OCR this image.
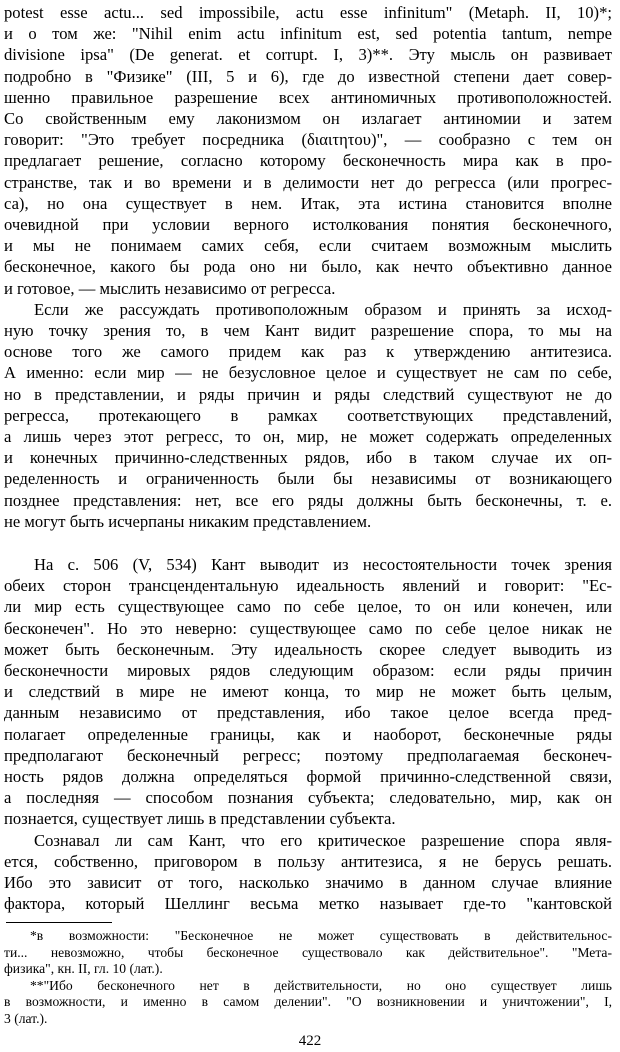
potest esse actu... sed impossibile, actu esse infinitum" (Metaph. II, 10)*;
и о том же: "Nihil enim actu infinitum est, sed potentia tantum, nempe
divisione ipsa" (De generat. et corrupt. I, 3)**. Эту мысль он развивает
подробно в "Физике" (III, 5 и 6), где до известной степени дает совер-
шенно правильное разрешение всех антиномичных противоположностей.
Со свойственным ему лаконизмом он излагает антиномии и затем
говорит: "Это требует посредника (διαιτητου)", — сообразно с тем он
предлагает решение, согласно которому бесконечность мира как в про-
странстве, так и во времени и в делимости нет до регресса (или прогрес-
са), но она существует в нем. Итак, эта истина становится вполне
очевидной при условии верного истолкования понятия бесконечного,
и мы не понимаем самих себя, если считаем возможным мыслить
бесконечное, какого бы рода оно ни было, как нечто объективно данное
и готовое, — мыслить независимо от регресса.
Если же рассуждать противоположным образом и принять за исход-
ную точку зрения то, в чем Кант видит разрешение спора, то мы на
основе того же самого придем как раз к утверждению антитезиса.
А именно: если мир — не безусловное целое и существует не сам по себе,
но в представлении, и ряды причин и ряды следствий существуют не до
регресса, протекающего в рамках соответствующих представлений,
а лишь через этот регресс, то он, мир, не может содержать определенных
и конечных причинно-следственных рядов, ибо в таком случае их оп-
ределенность и ограниченность были бы независимы от возникающего
позднее представления: нет, все его ряды должны быть бесконечны, т. е.
не могут быть исчерпаны никаким представлением.
На с. 506 (V, 534) Кант выводит из несостоятельности точек зрения
обеих сторон трансцендентальную идеальность явлений и говорит: "Ес-
ли мир есть существующее само по себе целое, то он или конечен, или
бесконечен". Но это неверно: существующее само по себе целое никак не
может быть бесконечным. Эту идеальность скорее следует выводить из
бесконечности мировых рядов следующим образом: если ряды причин
и следствий в мире не имеют конца, то мир не может быть целым,
данным независимо от представления, ибо такое целое всегда пред-
полагает определенные границы, как и наоборот, бесконечные ряды
предполагают бесконечный регресс; поэтому предполагаемая бесконеч-
ность рядов должна определяться формой причинно-следственной связи,
а последняя — способом познания субъекта; следовательно, мир, как он
познается, существует лишь в представлении субъекта.
Сознавал ли сам Кант, что его критическое разрешение спора явля-
ется, собственно, приговором в пользу антитезиса, я не берусь решать.
Ибо это зависит от того, насколько значимо в данном случае влияние
фактора, который Шеллинг весьма метко называет где-то "кантовской
*в возможности: "Бесконечное не может существовать в действительнос-
ти... невозможно, чтобы бесконечное существовало как действительное". "Мета-
физика", кн. II, гл. 10 (лат.).
**"Ибо бесконечного нет в действительности, но оно существует лишь
в возможности, и именно в самом делении". "О возникновении и уничтожении", I,
3 (лат.).
422
